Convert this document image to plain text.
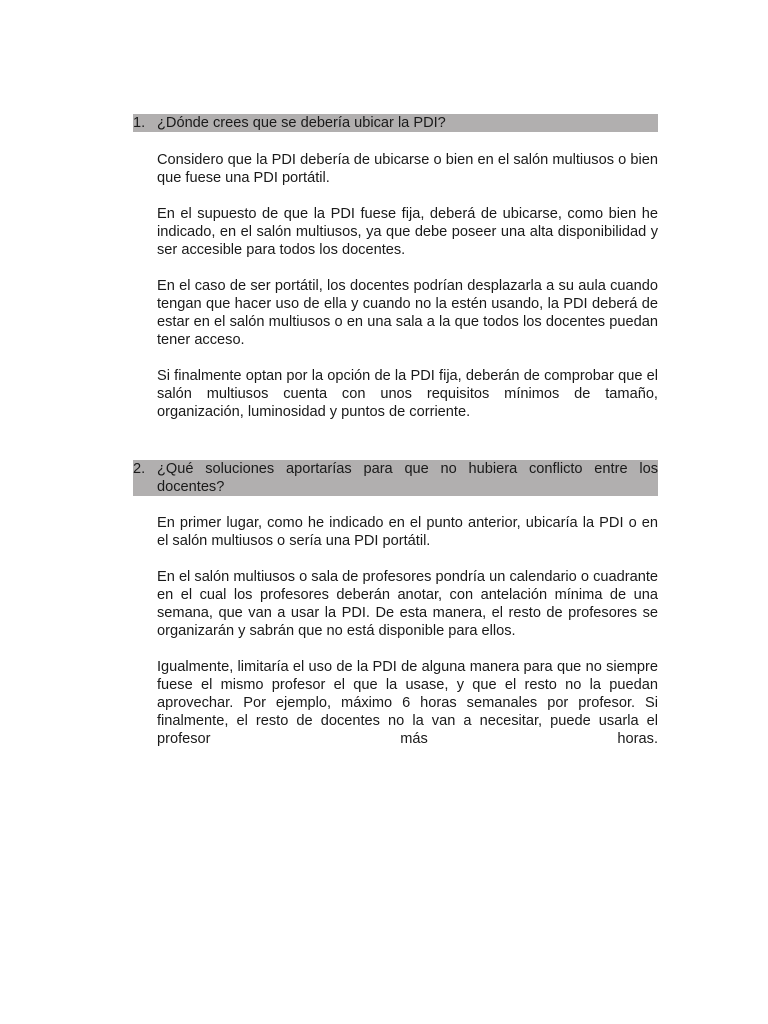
1. ¿Dónde crees que se debería ubicar la PDI?

Considero que la PDI debería de ubicarse o bien en el salón multiusos o bien que fuese una PDI portátil.

En el supuesto de que la PDI fuese fija, deberá de ubicarse, como bien he indicado, en el salón multiusos, ya que debe poseer una alta disponibilidad y ser accesible para todos los docentes.

En el caso de ser portátil, los docentes podrían desplazarla a su aula cuando tengan que hacer uso de ella y cuando no la estén usando, la PDI deberá de estar en el salón multiusos o en una sala a la que todos los docentes puedan tener acceso.

Si finalmente optan por la opción de la PDI fija, deberán de comprobar que el salón multiusos cuenta con unos requisitos mínimos de tamaño, organización, luminosidad y puntos de corriente.

2. ¿Qué soluciones aportarías para que no hubiera conflicto entre los docentes?

En primer lugar, como he indicado en el punto anterior, ubicaría la PDI o en el salón multiusos o sería una PDI portátil.

En el salón multiusos o sala de profesores pondría un calendario o cuadrante en el cual los profesores deberán anotar, con antelación mínima de una semana, que van a usar la PDI. De esta manera, el resto de profesores se organizarán y sabrán que no está disponible para ellos.

Igualmente, limitaría el uso de la PDI de alguna manera para que no siempre fuese el mismo profesor el que la usase, y que el resto no la puedan aprovechar. Por ejemplo, máximo 6 horas semanales por profesor. Si finalmente, el resto de docentes no la van a necesitar, puede usarla el profesor más horas.
